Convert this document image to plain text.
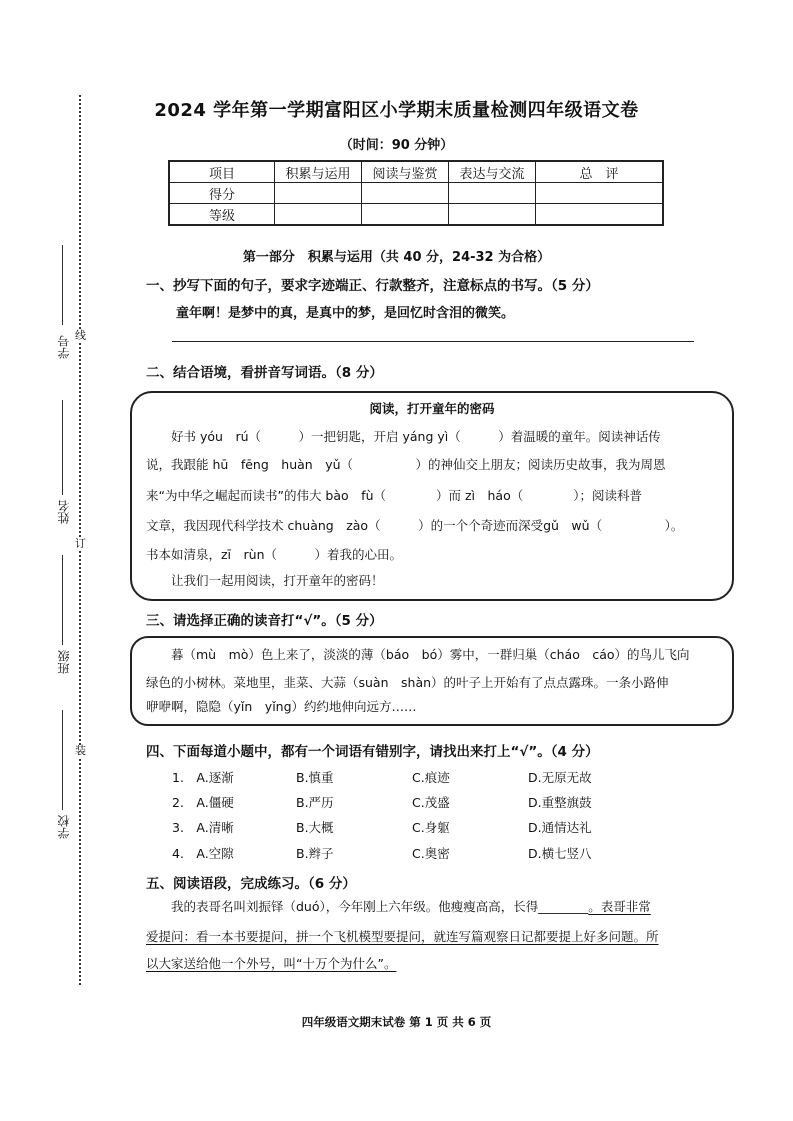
线
订
装
学号
姓名
班级
学校
2024 学年第一学期富阳区小学期末质量检测四年级语文卷
（时间：90 分钟）
项目	积累与运用	阅读与鉴赏	表达与交流	总　评
得分				
等级				
第一部分　积累与运用（共 40 分，24-32 为合格）
一、抄写下面的句子，要求字迹端正、行款整齐，注意标点的书写。（5 分）
童年啊！是梦中的真，是真中的梦，是回忆时含泪的微笑。
二、结合语境，看拼音写词语。（8 分）
阅读，打开童年的密码
　　好书 yóu　rú（　　　）一把钥匙，开启 yáng yì（　　　）着温暖的童年。阅读神话传
说，我跟能 hū　fēng　huàn　yǔ（　　　　　）的神仙交上朋友；阅读历史故事，我为周恩
来“为中华之崛起而读书”的伟大 bào　fù（　　　　）而 zì　háo（　　　　）；阅读科普
文章，我因现代科学技术 chuàng　zào（　　　）的一个个奇迹而深受gǔ　wǔ（　　　　　）。
书本如清泉，zī　rùn（　　　）着我的心田。
　　让我们一起用阅读，打开童年的密码！
三、请选择正确的读音打“√”。（5 分）
　　暮（mù　mò）色上来了，淡淡的薄（báo　bó）雾中，一群归巢（cháo　cáo）的鸟儿飞向
绿色的小树林。菜地里，韭菜、大蒜（suàn　shàn）的叶子上开始有了点点露珠。一条小路伸
咿咿啊，隐隐（yǐn　yǐng）约约地伸向远方……
四、下面每道小题中，都有一个词语有错别字，请找出来打上“√”。（4 分）
1.　A.逐渐	B.慎重	C.痕迹	D.无原无故
2.　A.僵硬	B.严历	C.茂盛	D.重整旗鼓
3.　A.清晰	B.大概	C.身躯	D.通情达礼
4.　A.空隙	B.辫子	C.奥密	D.横七竖八
五、阅读语段，完成练习。（6 分）
　　我的表哥名叫刘振铎（duó），今年刚上六年级。他瘦瘦高高，长得________。表哥非常
爱提问：看一本书要提问，拼一个飞机模型要提问，就连写篇观察日记都要提上好多问题。所
以大家送给他一个外号，叫“十万个为什么”。
四年级语文期末试卷 第 1 页 共 6 页
